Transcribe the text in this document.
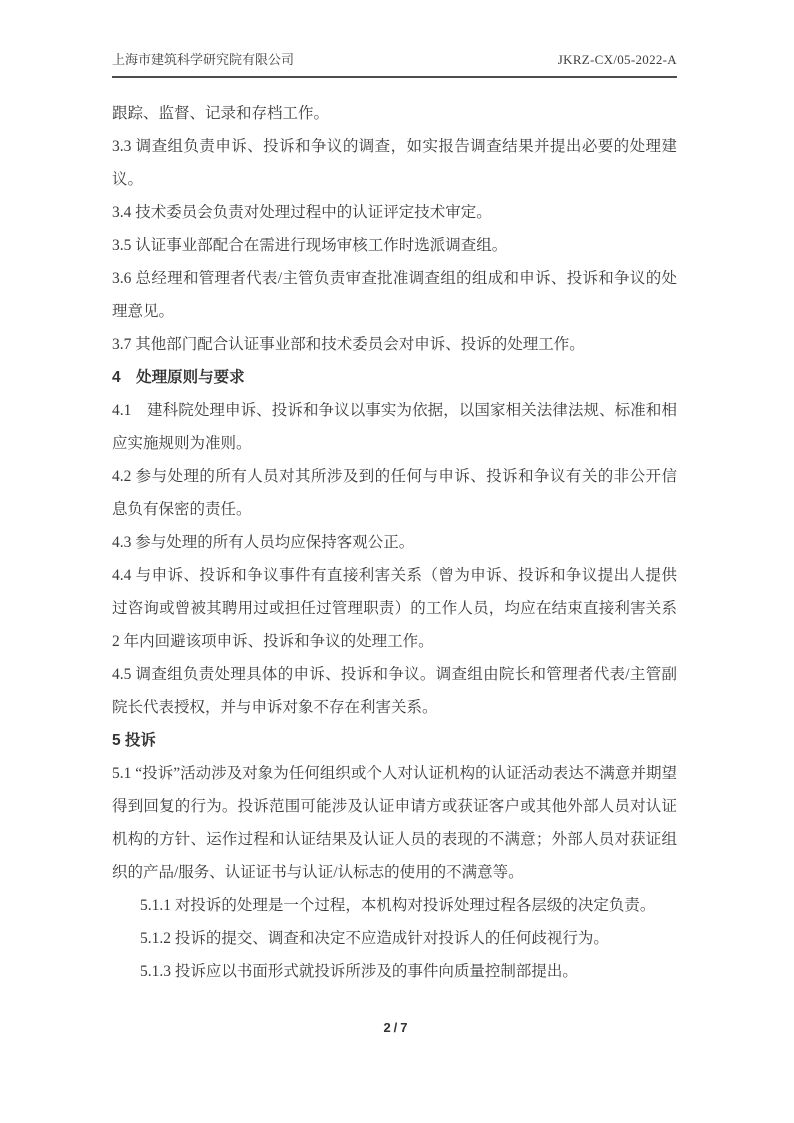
上海市建筑科学研究院有限公司	JKRZ-CX/05-2022-A

跟踪、监督、记录和存档工作。

3.3 调查组负责申诉、投诉和争议的调查，如实报告调查结果并提出必要的处理建议。

3.4 技术委员会负责对处理过程中的认证评定技术审定。

3.5 认证事业部配合在需进行现场审核工作时选派调查组。

3.6 总经理和管理者代表/主管负责审查批准调查组的组成和申诉、投诉和争议的处理意见。

3.7 其他部门配合认证事业部和技术委员会对申诉、投诉的处理工作。

4　处理原则与要求

4.1　建科院处理申诉、投诉和争议以事实为依据，以国家相关法律法规、标准和相应实施规则为准则。

4.2 参与处理的所有人员对其所涉及到的任何与申诉、投诉和争议有关的非公开信息负有保密的责任。

4.3 参与处理的所有人员均应保持客观公正。

4.4 与申诉、投诉和争议事件有直接利害关系（曾为申诉、投诉和争议提出人提供过咨询或曾被其聘用过或担任过管理职责）的工作人员，均应在结束直接利害关系 2 年内回避该项申诉、投诉和争议的处理工作。

4.5 调查组负责处理具体的申诉、投诉和争议。调查组由院长和管理者代表/主管副院长代表授权，并与申诉对象不存在利害关系。

5 投诉

5.1 “投诉”活动涉及对象为任何组织或个人对认证机构的认证活动表达不满意并期望得到回复的行为。投诉范围可能涉及认证申请方或获证客户或其他外部人员对认证机构的方针、运作过程和认证结果及认证人员的表现的不满意；外部人员对获证组织的产品/服务、认证证书与认证/认标志的使用的不满意等。

5.1.1 对投诉的处理是一个过程，本机构对投诉处理过程各层级的决定负责。

5.1.2 投诉的提交、调查和决定不应造成针对投诉人的任何歧视行为。

5.1.3 投诉应以书面形式就投诉所涉及的事件向质量控制部提出。

2/7
